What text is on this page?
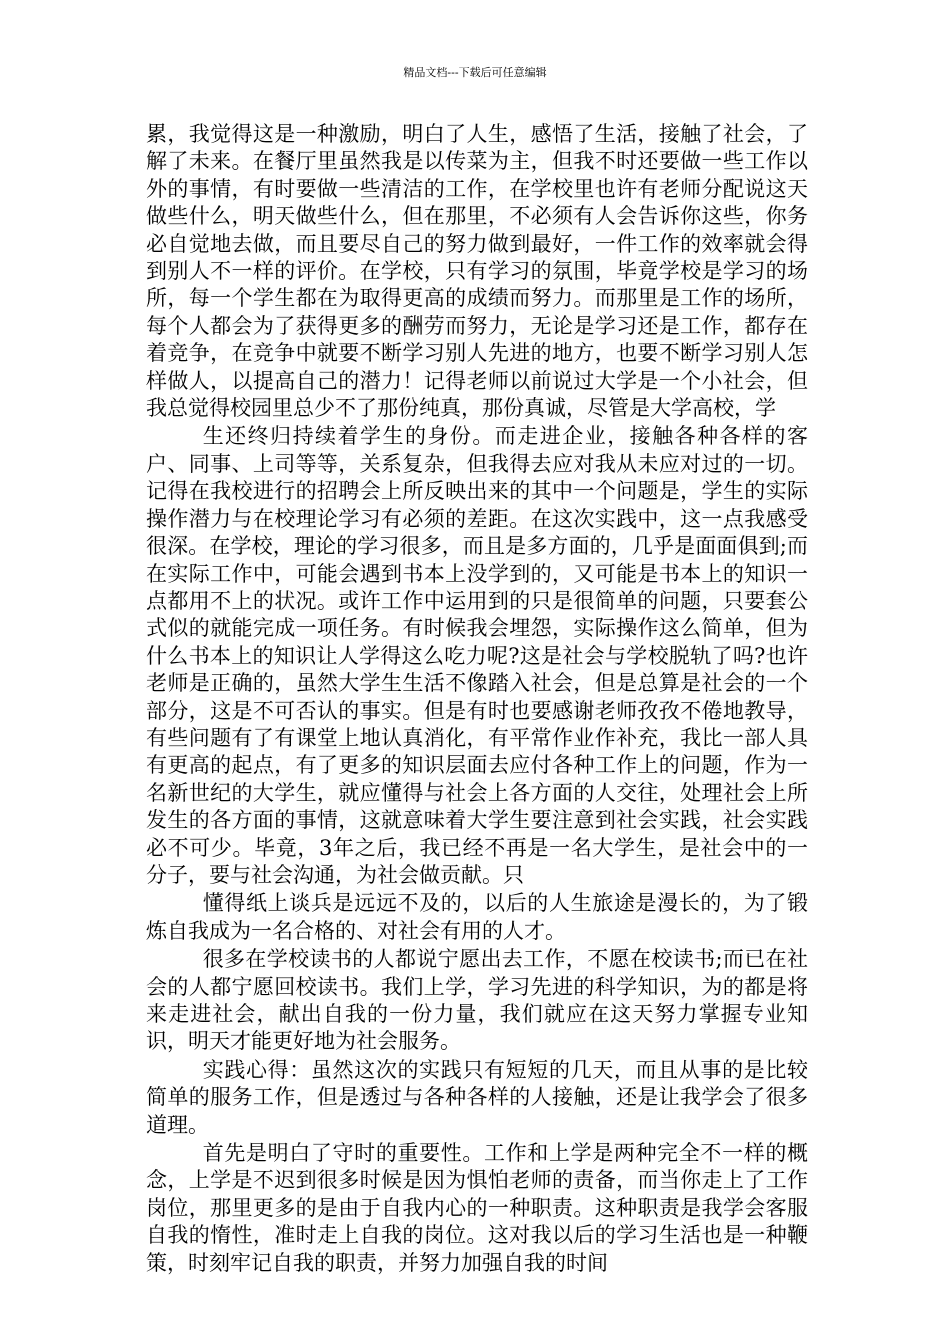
精品文档---下载后可任意编辑

累，我觉得这是一种激励，明白了人生，感悟了生活，接触了社会，了解了未来。在餐厅里虽然我是以传菜为主，但我不时还要做一些工作以外的事情，有时要做一些清洁的工作，在学校里也许有老师分配说这天做些什么，明天做些什么，但在那里，不必须有人会告诉你这些，你务必自觉地去做，而且要尽自己的努力做到最好，一件工作的效率就会得到别人不一样的评价。在学校，只有学习的氛围，毕竟学校是学习的场所，每一个学生都在为取得更高的成绩而努力。而那里是工作的场所，每个人都会为了获得更多的酬劳而努力，无论是学习还是工作，都存在着竞争，在竞争中就要不断学习别人先进的地方，也要不断学习别人怎样做人，以提高自己的潜力！记得老师以前说过大学是一个小社会，但我总觉得校园里总少不了那份纯真，那份真诚，尽管是大学高校，学

生还终归持续着学生的身份。而走进企业，接触各种各样的客户、同事、上司等等，关系复杂，但我得去应对我从未应对过的一切。记得在我校进行的招聘会上所反映出来的其中一个问题是，学生的实际操作潜力与在校理论学习有必须的差距。在这次实践中，这一点我感受很深。在学校，理论的学习很多，而且是多方面的，几乎是面面俱到;而在实际工作中，可能会遇到书本上没学到的，又可能是书本上的知识一点都用不上的状况。或许工作中运用到的只是很简单的问题，只要套公式似的就能完成一项任务。有时候我会埋怨，实际操作这么简单，但为什么书本上的知识让人学得这么吃力呢?这是社会与学校脱轨了吗?也许老师是正确的，虽然大学生生活不像踏入社会，但是总算是社会的一个部分，这是不可否认的事实。但是有时也要感谢老师孜孜不倦地教导，有些问题有了有课堂上地认真消化，有平常作业作补充，我比一部人具有更高的起点，有了更多的知识层面去应付各种工作上的问题，作为一名新世纪的大学生，就应懂得与社会上各方面的人交往，处理社会上所发生的各方面的事情，这就意味着大学生要注意到社会实践，社会实践必不可少。毕竟，3年之后，我已经不再是一名大学生，是社会中的一分子，要与社会沟通，为社会做贡献。只

懂得纸上谈兵是远远不及的，以后的人生旅途是漫长的，为了锻炼自我成为一名合格的、对社会有用的人才。

很多在学校读书的人都说宁愿出去工作，不愿在校读书;而已在社会的人都宁愿回校读书。我们上学，学习先进的科学知识，为的都是将来走进社会，献出自我的一份力量，我们就应在这天努力掌握专业知识，明天才能更好地为社会服务。

实践心得：虽然这次的实践只有短短的几天，而且从事的是比较简单的服务工作，但是透过与各种各样的人接触，还是让我学会了很多道理。

首先是明白了守时的重要性。工作和上学是两种完全不一样的概念，上学是不迟到很多时候是因为惧怕老师的责备，而当你走上了工作岗位，那里更多的是由于自我内心的一种职责。这种职责是我学会客服自我的惰性，准时走上自我的岗位。这对我以后的学习生活也是一种鞭策，时刻牢记自我的职责，并努力加强自我的时间
